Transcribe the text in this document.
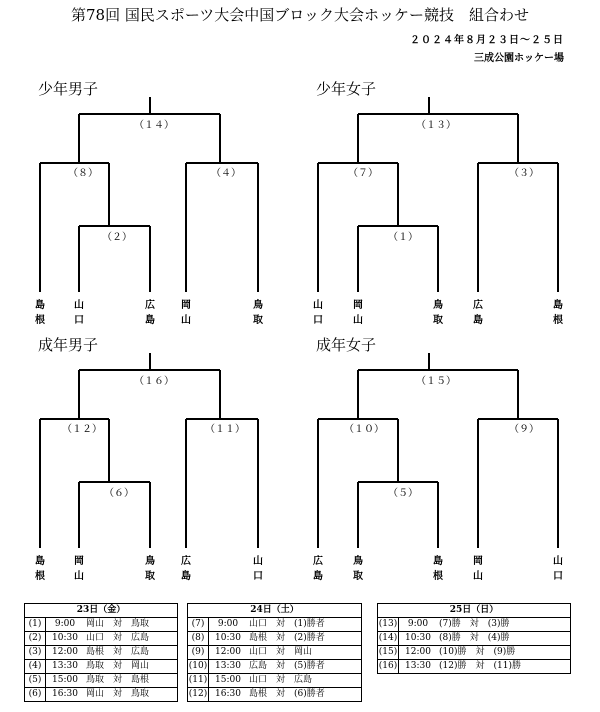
第78回 国民スポーツ大会中国ブロック大会ホッケー競技　組合わせ
２０２４年８月２３日～２５日
三成公園ホッケー場
少年男子
（１４）
（８）	（４）
（２）
島根
山口
広島
岡山
鳥取
少年女子
（１３）
（７）	（３）
（１）
山口
岡山
鳥取
広島
島根
成年男子
（１６）
（１２）	（１１）
（６）
島根
岡山
鳥取
広島
山口
成年女子
（１５）
（１０）	（９）
（５）
広島
鳥取
島根
岡山
山口
23日（金）
(1)	9:00	岡山　対　鳥取
(2)	10:30 山口　対　広島
(3)	12:00 島根　対　広島
(4)	13:30 鳥取　対　岡山
(5)	15:00 鳥取　対　島根
(6)	16:30 岡山　対　鳥取
24日（土）
(7)	9:00	山口　対　(1)勝者
(8)	10:30 島根　対　(2)勝者
(9)	12:00 山口　対　岡山
(10) 13:30 広島　対　(5)勝者
(11) 15:00 山口　対　広島
(12) 16:30 島根　対　(6)勝者
25日（日）
(13)	9:00	(7)勝　対　(3)勝
(14) 10:30 (8)勝　対　(4)勝
(15) 12:00 (10)勝　対　(9)勝
(16) 13:30 (12)勝　対　(11)勝
